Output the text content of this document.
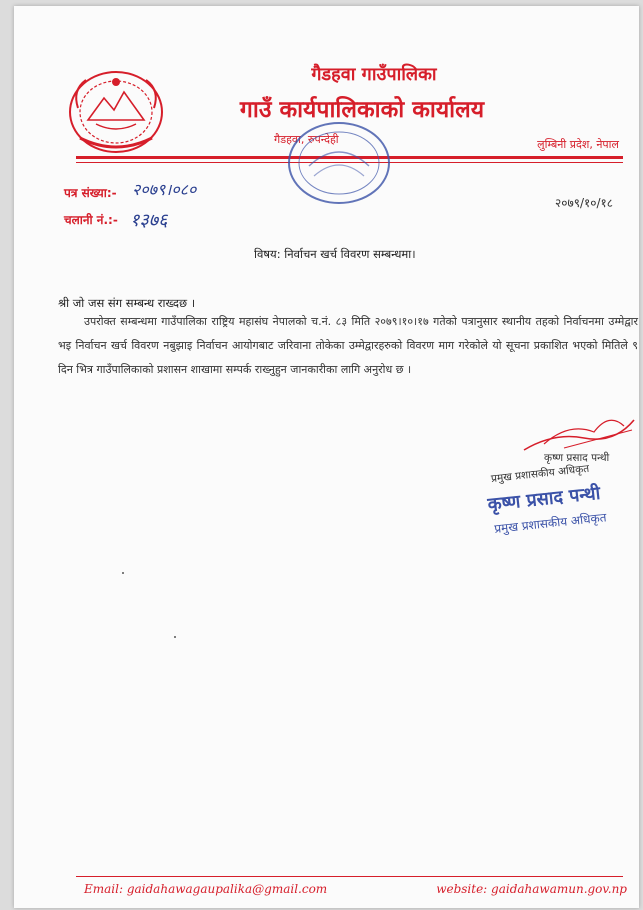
गैडहवा गाउँपालिका
गाउँ कार्यपालिकाको कार्यालय
गैडहवा, रुपन्देही	लुम्बिनी प्रदेश, नेपाल
पत्र संख्या:- २०७९।०८०
चलानी नं.:- १३७६
२०७९/१०/१८
विषय: निर्वाचन खर्च विवरण सम्बन्धमा।
श्री जो जस संग सम्बन्ध राख्दछ ।
उपरोक्त सम्बन्धमा गाउँपालिका राष्ट्रिय महासंघ नेपालको च.नं. ८३ मिति २०७९।१०।१७ गतेको पत्रानुसार स्थानीय तहको निर्वाचनमा उम्मेद्वार भइ निर्वाचन खर्च विवरण नबुझाइ निर्वाचन आयोगबाट जरिवाना तोकेका उम्मेद्वारहरुको विवरण माग गरेकोले यो सूचना प्रकाशित भएको मितिले ९ दिन भित्र गाउँपालिकाको प्रशासन शाखामा सम्पर्क राख्नुहुन जानकारीका लागि अनुरोध छ ।
कृष्ण प्रसाद पन्थी
प्रमुख प्रशासकीय अधिकृत
कृष्ण प्रसाद पन्थी
प्रमुख प्रशासकीय अधिकृत
Email: gaidahawagaupalika@gmail.com	website: gaidahawamun.gov.np
